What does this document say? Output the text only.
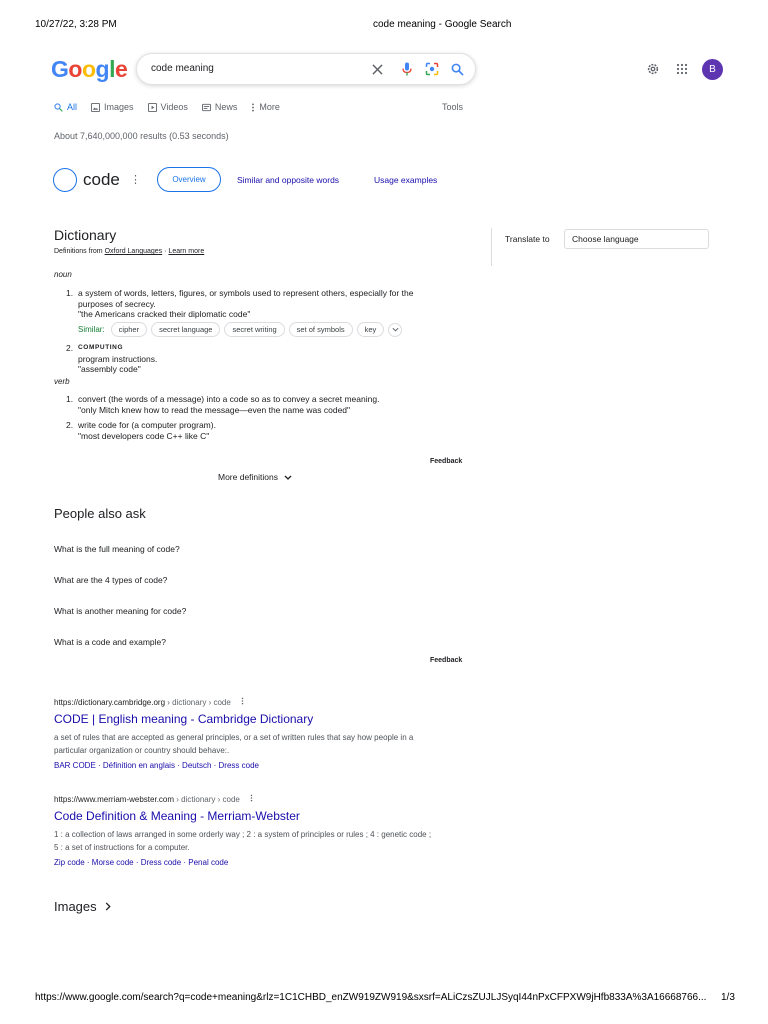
10/27/22, 3:28 PM	code meaning - Google Search
Google code meaning	B
All	Images	Videos	News More	Tools
About 7,640,000,000 results (0.53 seconds)
code ⋮	Overview	Similar and opposite words	Usage examples
Dictionary
Definitions from Oxford Languages · Learn more
noun
1. a system of words, letters, figures, or symbols used to represent others, especially for the purposes of secrecy.
"the Americans cracked their diplomatic code"
Similar:	cipher	secret language	secret writing	set of symbols	key
2. COMPUTING
program instructions.
"assembly code"
verb
1. convert (the words of a message) into a code so as to convey a secret meaning.
"only Mitch knew how to read the message—even the name was coded"
2. write code for (a computer program).
"most developers code C++ like C"
Feedback
More definitions
Translate to	Choose language
People also ask
What is the full meaning of code?
What are the 4 types of code?
What is another meaning for code?
What is a code and example?
Feedback
https://dictionary.cambridge.org › dictionary › code
CODE | English meaning - Cambridge Dictionary
a set of rules that are accepted as general principles, or a set of written rules that say how people in a particular organization or country should behave:.
BAR CODE · Définition en anglais · Deutsch · Dress code
https://www.merriam-webster.com › dictionary › code
Code Definition & Meaning - Merriam-Webster
1 : a collection of laws arranged in some orderly way ; 2 : a system of principles or rules ; 4 : genetic code ; 5 : a set of instructions for a computer.
Zip code · Morse code · Dress code · Penal code
Images
https://www.google.com/search?q=code+meaning&rlz=1C1CHBD_enZW919ZW919&sxsrf=ALiCzsZUJLJSyqI44nPxCFPXW9jHfb833A%3A16668766... 1/3
